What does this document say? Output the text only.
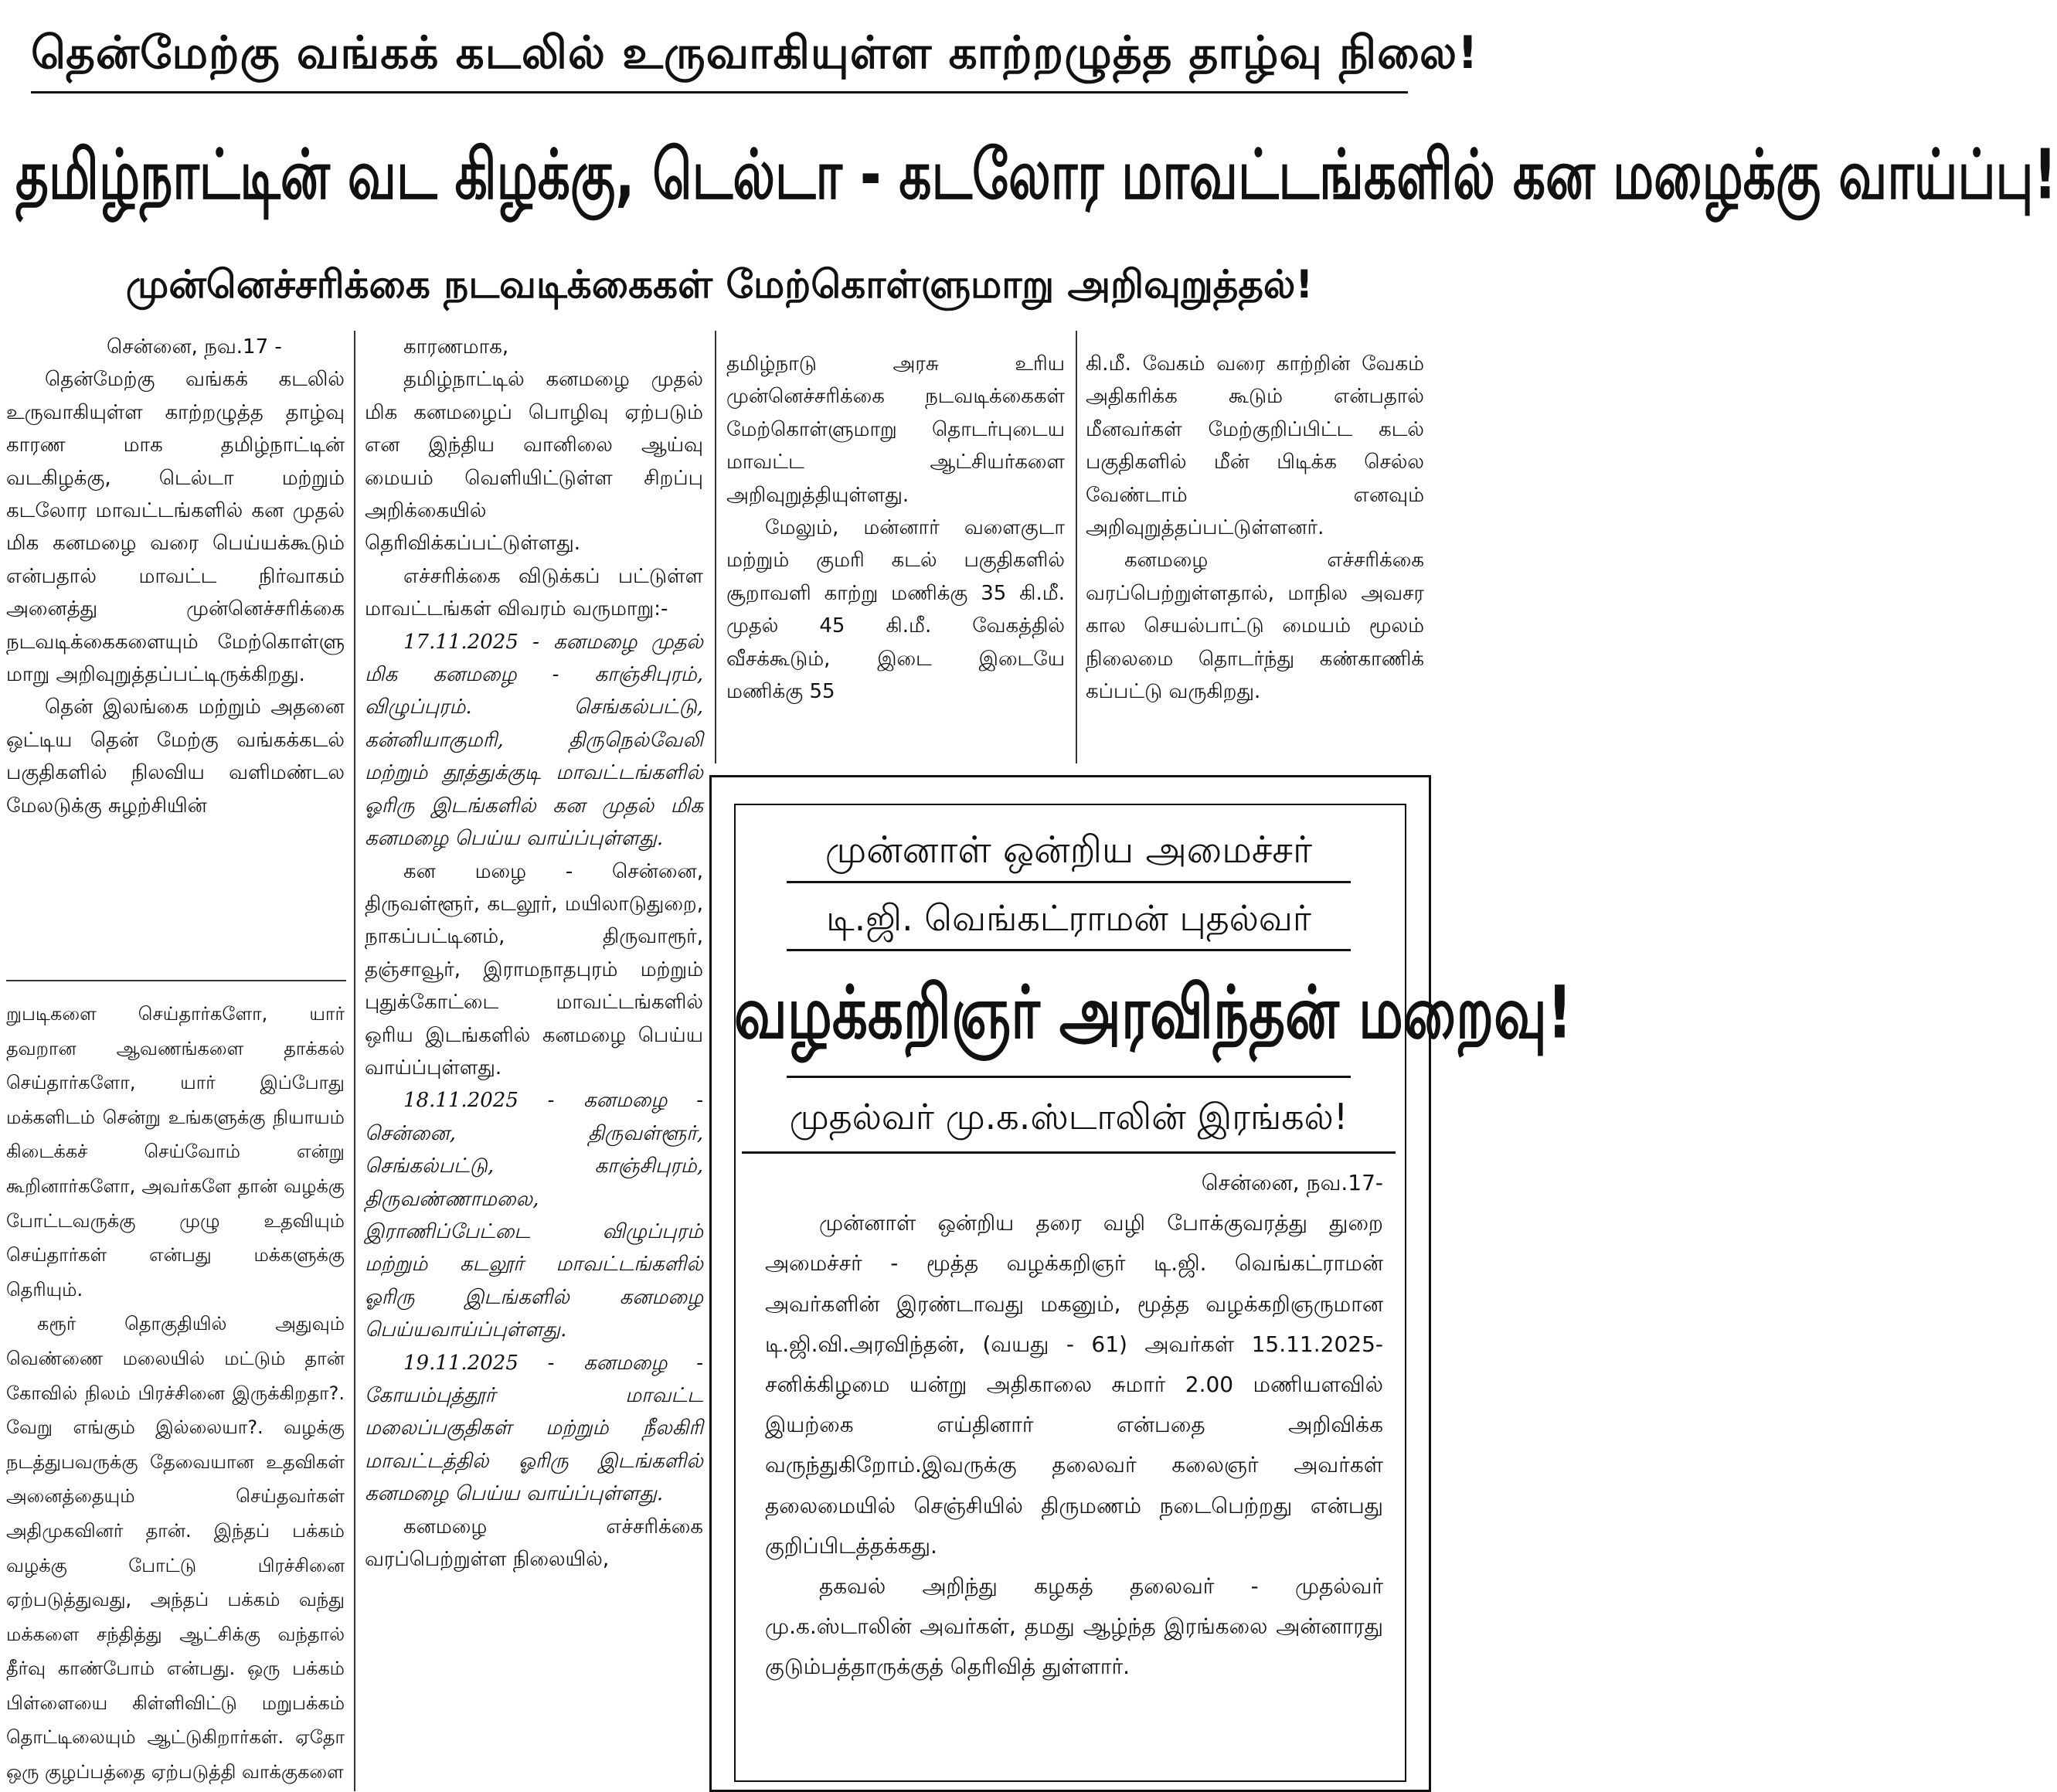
தென்மேற்கு வங்கக் கடலில் உருவாகியுள்ள காற்றழுத்த தாழ்வு நிலை!
தமிழ்நாட்டின் வட கிழக்கு, டெல்டா - கடலோர மாவட்டங்களில் கன மழைக்கு வாய்ப்பு!
முன்னெச்சரிக்கை நடவடிக்கைகள் மேற்கொள்ளுமாறு அறிவுறுத்தல்!

சென்னை, நவ.17 -

தென்மேற்கு வங்கக் கடலில் உருவாகியுள்ள காற்றழுத்த தாழ்வு காரண மாக தமிழ்நாட்டின் வடகிழக்கு, டெல்டா மற்றும் கடலோர மாவட்டங்களில் கன முதல் மிக கனமழை வரை பெய்யக்கூடும் என்பதால் மாவட்ட நிர்வாகம் அனைத்து முன்னெச்சரிக்கை நடவடிக்கைகளையும் மேற்கொள்ளு மாறு அறிவுறுத்தப்பட்டிருக்கிறது.

தென் இலங்கை மற்றும் அதனை ஒட்டிய தென் மேற்கு வங்கக்கடல் பகுதிகளில் நிலவிய வளிமண்டல மேலடுக்கு சுழற்சியின்

காரணமாக,

தமிழ்நாட்டில் கனமழை முதல் மிக கனமழைப் பொழிவு ஏற்படும் என இந்திய வானிலை ஆய்வு மையம் வெளியிட்டுள்ள சிறப்பு அறிக்கையில் தெரிவிக்கப்பட்டுள்ளது.

எச்சரிக்கை விடுக்கப் பட்டுள்ள மாவட்டங்கள் விவரம் வருமாறு:-

17.11.2025 - கனமழை முதல் மிக கனமழை - காஞ்சிபுரம், விழுப்புரம். செங்கல்பட்டு, கன்னியாகுமரி, திருநெல்வேலி மற்றும் தூத்துக்குடி மாவட்டங்களில் ஓரிரு இடங்களில் கன முதல் மிக கனமழை பெய்ய வாய்ப்புள்ளது.

கன மழை - சென்னை, திருவள்ளூர், கடலூர், மயிலாடுதுறை, நாகப்பட்டினம், திருவாரூர், தஞ்சாவூர், இராமநாதபுரம் மற்றும் புதுக்கோட்டை மாவட்டங்களில் ஒரிய இடங்களில் கனமழை பெய்ய வாய்ப்புள்ளது.

18.11.2025 - கனமழை - சென்னை, திருவள்ளூர், செங்கல்பட்டு, காஞ்சிபுரம், திருவண்ணாமலை, இராணிப்பேட்டை விழுப்புரம் மற்றும் கடலூர் மாவட்டங்களில் ஓரிரு இடங்களில் கனமழை பெய்யவாய்ப்புள்ளது.

19.11.2025 - கனமழை - கோயம்புத்தூர் மாவட்ட மலைப்பகுதிகள் மற்றும் நீலகிரி மாவட்டத்தில் ஓரிரு இடங்களில் கனமழை பெய்ய வாய்ப்புள்ளது.

கனமழை எச்சரிக்கை வரப்பெற்றுள்ள நிலையில்,

தமிழ்நாடு அரசு உரிய முன்னெச்சரிக்கை நடவடிக்கைகள் மேற்கொள்ளுமாறு தொடர்புடைய மாவட்ட ஆட்சியர்களை அறிவுறுத்தியுள்ளது.

மேலும், மன்னார் வளைகுடா மற்றும் குமரி கடல் பகுதிகளில் சூறாவளி காற்று மணிக்கு 35 கி.மீ. முதல் 45 கி.மீ. வேகத்தில் வீசக்கூடும், இடை இடையே மணிக்கு 55

கி.மீ. வேகம் வரை காற்றின் வேகம் அதிகரிக்க கூடும் என்பதால் மீனவர்கள் மேற்குறிப்பிட்ட கடல் பகுதிகளில் மீன் பிடிக்க செல்ல வேண்டாம் எனவும் அறிவுறுத்தப்பட்டுள்ளனர்.

கனமழை எச்சரிக்கை வரப்பெற்றுள்ளதால், மாநில அவசர கால செயல்பாட்டு மையம் மூலம் நிலைமை தொடர்ந்து கண்காணிக் கப்பட்டு வருகிறது.

றுபடிகளை செய்தார்களோ, யார் தவறான ஆவணங்களை தாக்கல் செய்தார்களோ, யார் இப்போது மக்களிடம் சென்று உங்களுக்கு நியாயம் கிடைக்கச் செய்வோம் என்று கூறினார்களோ, அவர்களே தான் வழக்கு போட்டவருக்கு முழு உதவியும் செய்தார்கள் என்பது மக்களுக்கு தெரியும்.

கரூர் தொகுதியில் அதுவும் வெண்ணை மலையில் மட்டும் தான் கோவில் நிலம் பிரச்சினை இருக்கிறதா?. வேறு எங்கும் இல்லையா?. வழக்கு நடத்துபவருக்கு தேவையான உதவிகள் அனைத்தையும் செய்தவர்கள் அதிமுகவினர் தான். இந்தப் பக்கம் வழக்கு போட்டு பிரச்சினை ஏற்படுத்துவது, அந்தப் பக்கம் வந்து மக்களை சந்தித்து ஆட்சிக்கு வந்தால் தீர்வு காண்போம் என்பது. ஒரு பக்கம் பிள்ளையை கிள்ளிவிட்டு மறுபக்கம் தொட்டிலையும் ஆட்டுகிறார்கள். ஏதோ ஒரு குழப்பத்தை ஏற்படுத்தி வாக்குகளை

முன்னாள் ஒன்றிய அமைச்சர்
டி.ஜி. வெங்கட்ராமன் புதல்வர்
வழக்கறிஞர் அரவிந்தன் மறைவு!
முதல்வர் மு.க.ஸ்டாலின் இரங்கல்!

சென்னை, நவ.17-

முன்னாள் ஒன்றிய தரை வழி போக்குவரத்து துறை அமைச்சர் - மூத்த வழக்கறிஞர் டி.ஜி. வெங்கட்ராமன் அவர்களின் இரண்டாவது மகனும், மூத்த வழக்கறிஞருமான டி.ஜி.வி.அரவிந்தன், (வயது - 61) அவர்கள் 15.11.2025-சனிக்கிழமை யன்று அதிகாலை சுமார் 2.00 மணியளவில் இயற்கை எய்தினார் என்பதை அறிவிக்க வருந்துகிறோம்.இவருக்கு தலைவர் கலைஞர் அவர்கள் தலைமையில் செஞ்சியில் திருமணம் நடைபெற்றது என்பது குறிப்பிடத்தக்கது.

தகவல் அறிந்து கழகத் தலைவர் - முதல்வர் மு.க.ஸ்டாலின் அவர்கள், தமது ஆழ்ந்த இரங்கலை அன்னாரது குடும்பத்தாருக்குத் தெரிவித் துள்ளார்.
